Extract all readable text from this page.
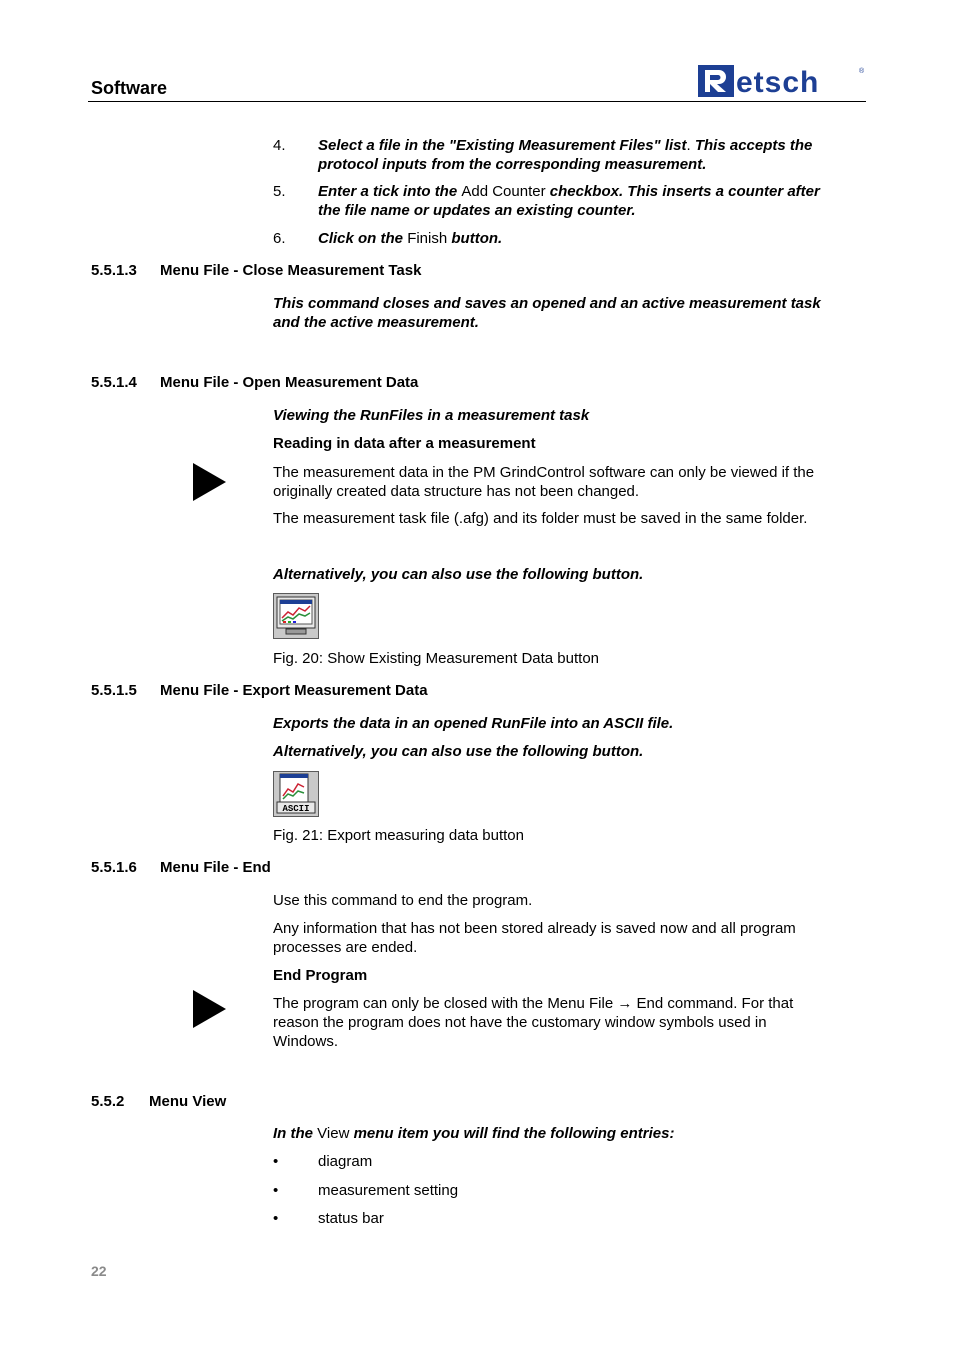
Software	etsch	®
4. Select a file in the "Existing Measurement Files" list. This accepts the
protocol inputs from the corresponding measurement.
5. Enter a tick into the Add Counter checkbox. This inserts a counter after
the file name or updates an existing counter.
6. Click on the Finish button.
5.5.1.3 Menu File - Close Measurement Task
This command closes and saves an opened and an active measurement task
and the active measurement.
5.5.1.4 Menu File - Open Measurement Data
Viewing the RunFiles in a measurement task
Reading in data after a measurement
The measurement data in the PM GrindControl software can only be viewed if the
originally created data structure has not been changed.
The measurement task file (.afg) and its folder must be saved in the same folder.
Alternatively, you can also use the following button.
Fig. 20: Show Existing Measurement Data button
5.5.1.5 Menu File - Export Measurement Data
Exports the data in an opened RunFile into an ASCII file.
Alternatively, you can also use the following button.
ASCII
Fig. 21: Export measuring data button
5.5.1.6 Menu File - End
Use this command to end the program.
Any information that has not been stored already is saved now and all program
processes are ended.
End Program
The program can only be closed with the Menu File → End command. For that
reason the program does not have the customary window symbols used in
Windows.
5.5.2 Menu View
In the View menu item you will find the following entries:
•	diagram
•	measurement setting
•	status bar
22
